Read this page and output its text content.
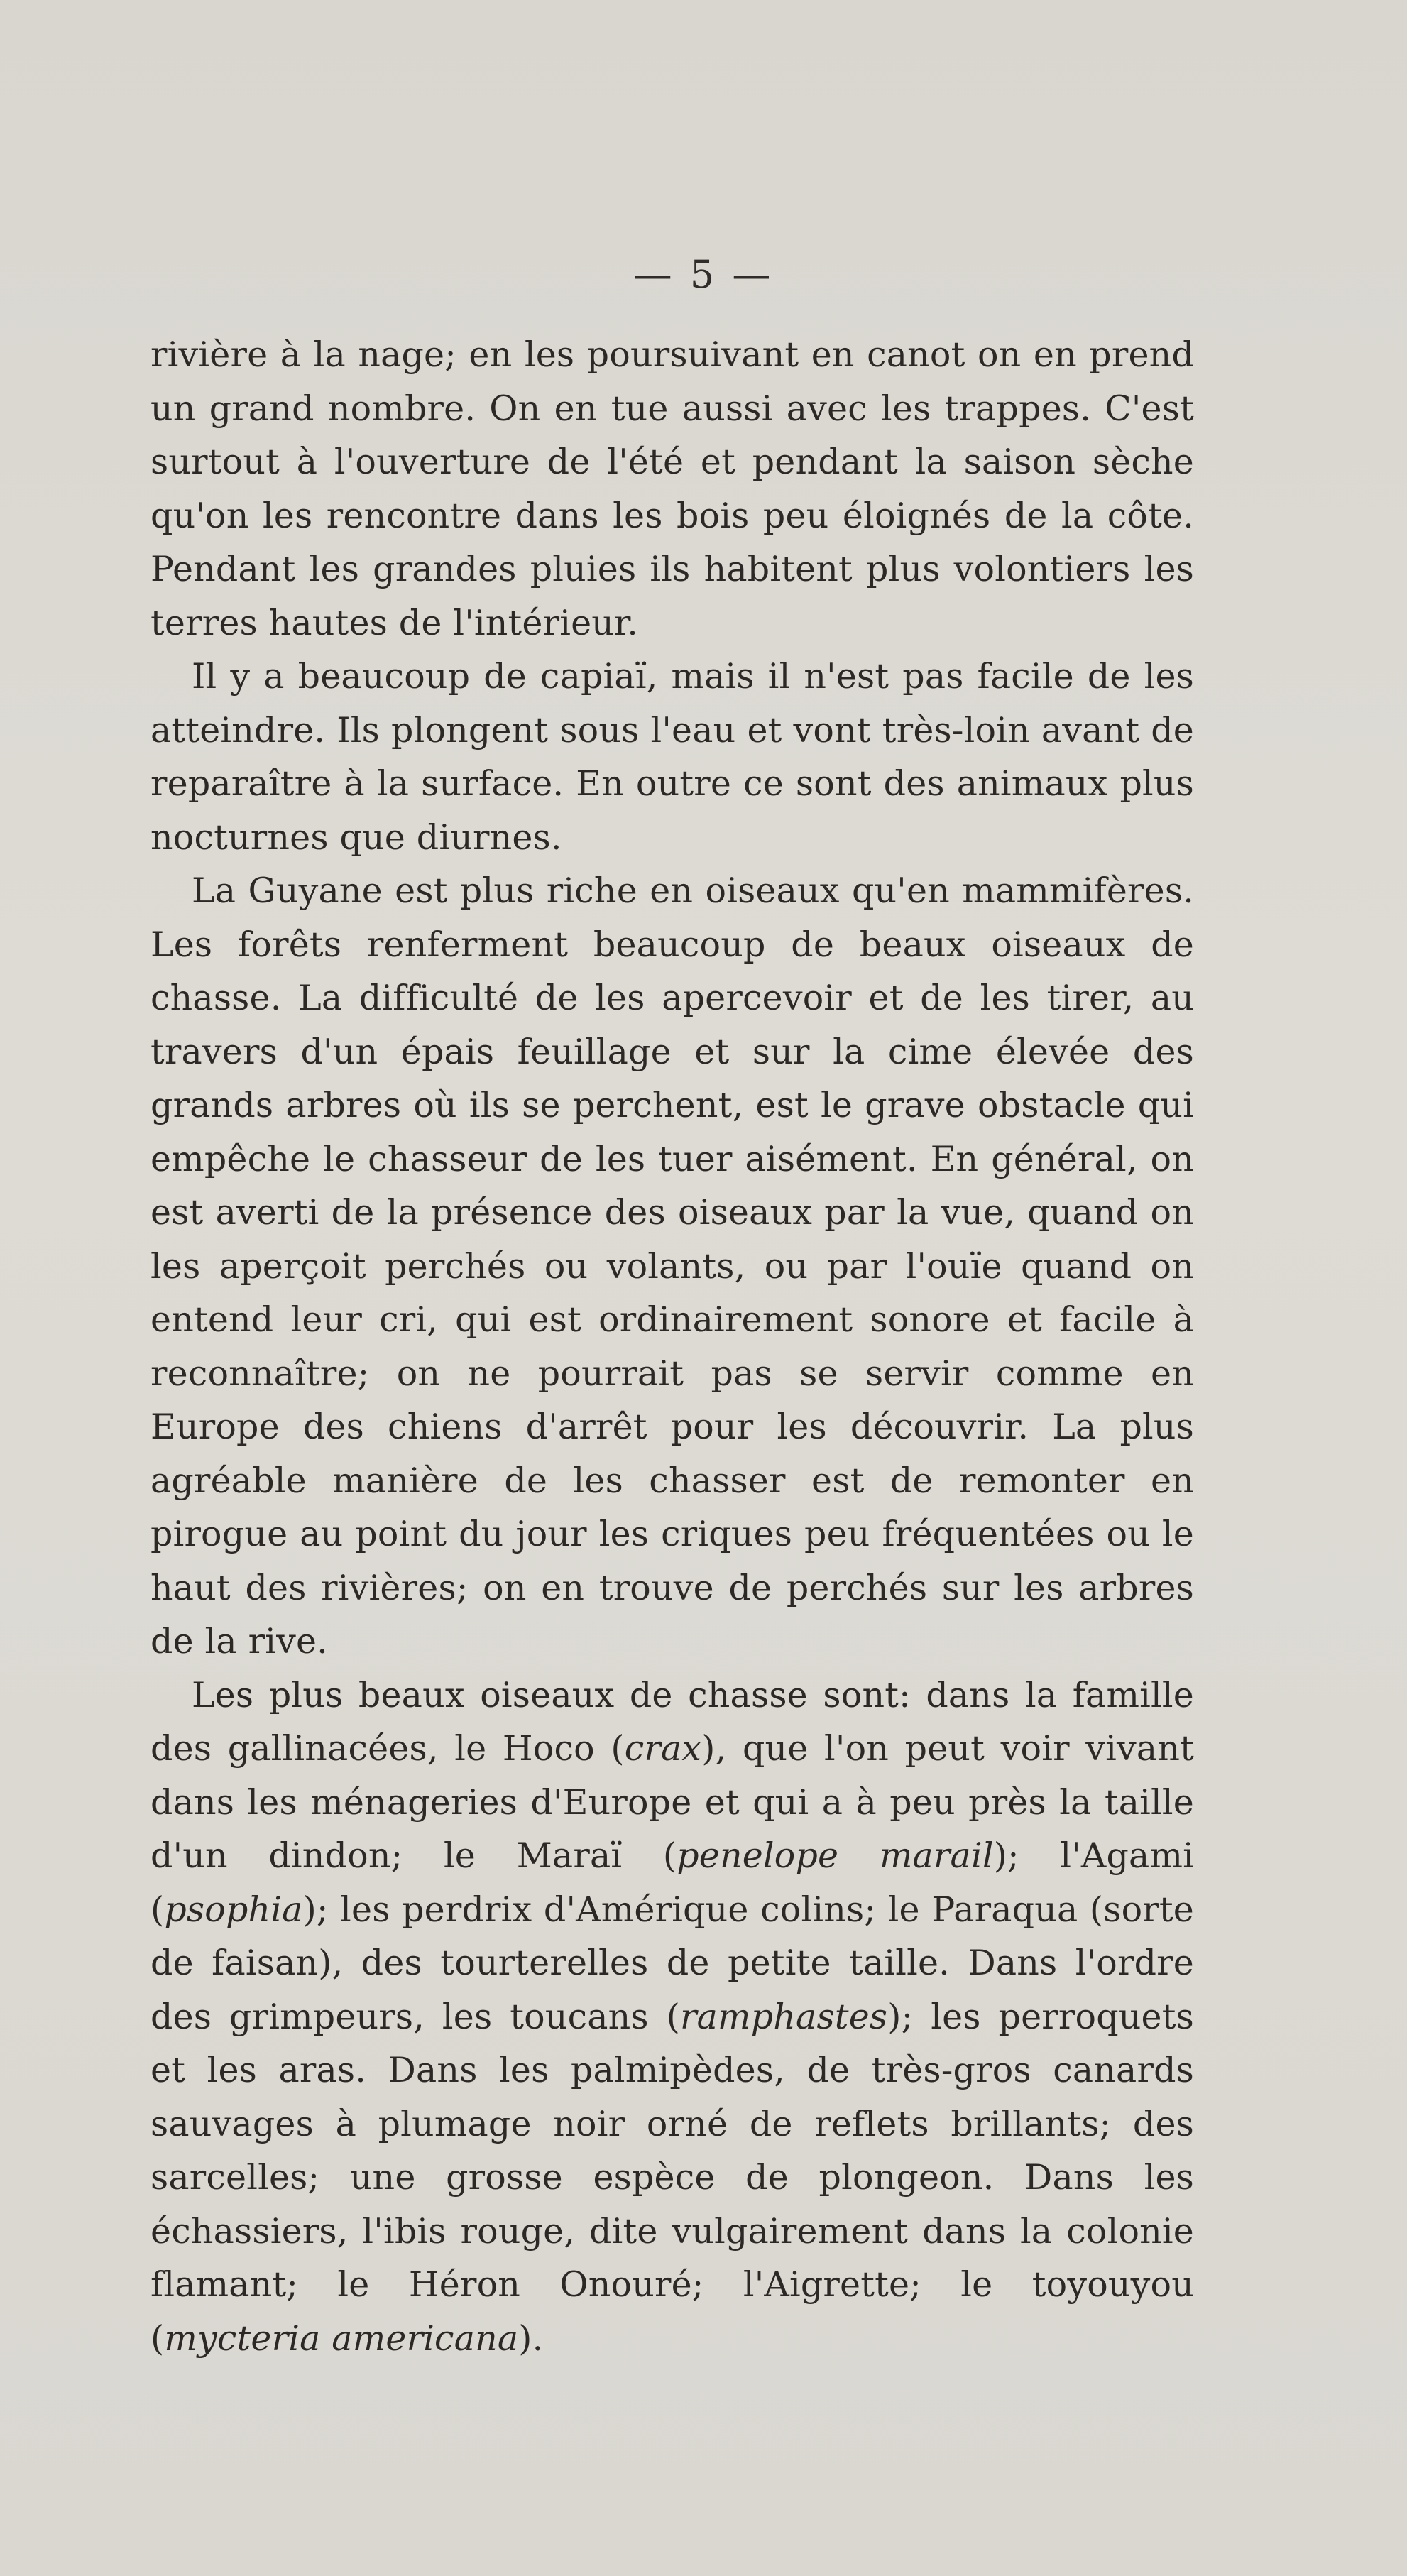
— 5 —

rivière à la nage; en les poursuivant en canot on en prend un grand nombre. On en tue aussi avec les trappes. C'est surtout à l'ouverture de l'été et pendant la saison sèche qu'on les rencontre dans les bois peu éloignés de la côte. Pendant les grandes pluies ils habitent plus volontiers les terres hautes de l'intérieur.

Il y a beaucoup de capiaï, mais il n'est pas facile de les atteindre. Ils plongent sous l'eau et vont très-loin avant de reparaître à la surface. En outre ce sont des animaux plus nocturnes que diurnes.

La Guyane est plus riche en oiseaux qu'en mammifères. Les forêts renferment beaucoup de beaux oiseaux de chasse. La difficulté de les apercevoir et de les tirer, au travers d'un épais feuillage et sur la cime élevée des grands arbres où ils se perchent, est le grave obstacle qui empêche le chasseur de les tuer aisément. En général, on est averti de la présence des oiseaux par la vue, quand on les aperçoit perchés ou volants, ou par l'ouïe quand on entend leur cri, qui est ordinairement sonore et facile à reconnaître; on ne pourrait pas se servir comme en Europe des chiens d'arrêt pour les découvrir. La plus agréable manière de les chasser est de remonter en pirogue au point du jour les criques peu fréquentées ou le haut des rivières; on en trouve de perchés sur les arbres de la rive.

Les plus beaux oiseaux de chasse sont: dans la famille des gallinacées, le Hoco (crax), que l'on peut voir vivant dans les ménageries d'Europe et qui a à peu près la taille d'un dindon; le Maraï (penelope marail); l'Agami (psophia); les perdrix d'Amérique colins; le Paraqua (sorte de faisan), des tourterelles de petite taille. Dans l'ordre des grimpeurs, les toucans (ramphastes); les perroquets et les aras. Dans les palmipèdes, de très-gros canards sauvages à plumage noir orné de reflets brillants; des sarcelles; une grosse espèce de plongeon. Dans les échassiers, l'ibis rouge, dite vulgairement dans la colonie flamant; le Héron Onouré; l'Aigrette; le toyouyou (mycteria americana).
